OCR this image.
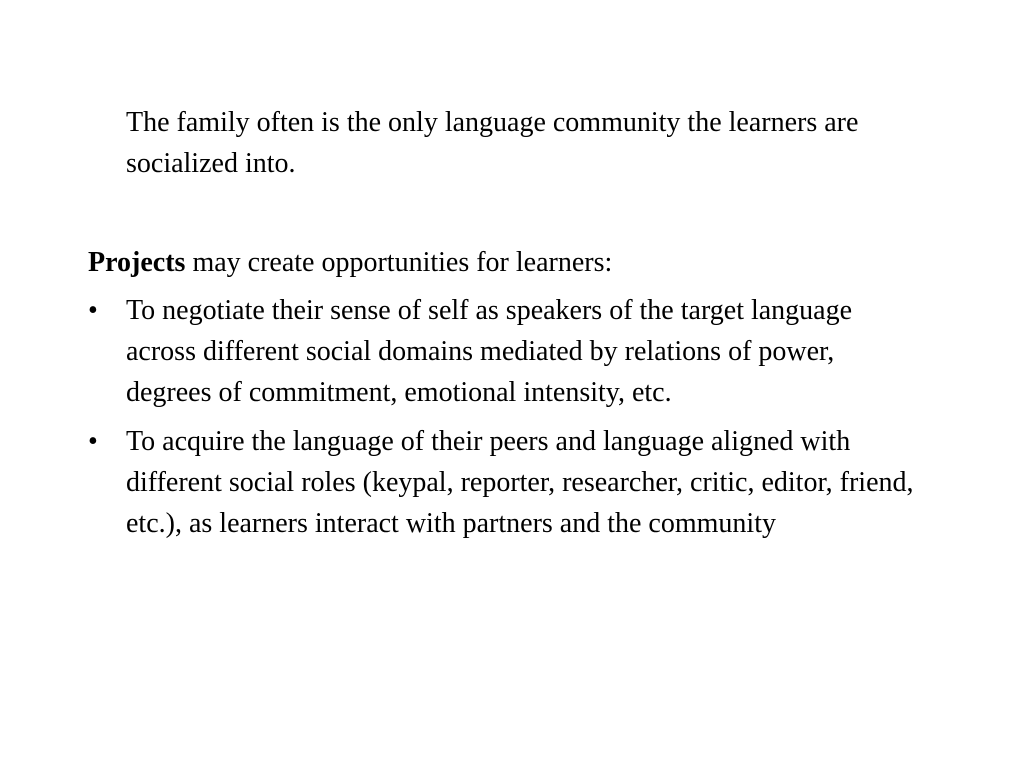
The family often is the only language community the learners are socialized into.
Projects may create opportunities for learners:
•	To negotiate their sense of self as speakers of the target language across different social domains mediated by relations of power, degrees of commitment, emotional intensity, etc.
•	To acquire the language of their peers and language aligned with different social roles (keypal, reporter, researcher, critic, editor, friend, etc.), as learners interact with partners and the community
